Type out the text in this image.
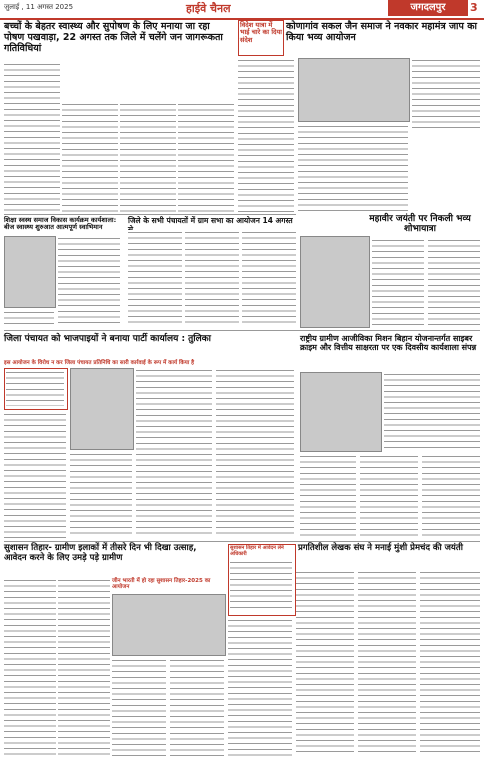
जुलाई , 11 अगस्त 2025	हाईवे चैनल	जगदलपुर	3
बच्चों के बेहतर स्वास्थ्य और सुपोषण के लिए मनाया जा रहा पोषण पखवाड़ा, 22 अगस्त तक जिले में चलेंगे जन जागरूकता गतिविधियां
विदेश यात्रा में भाई चारे का दिया संदेश
कोणागांव सकल जैन समाज ने नवकार महामंत्र जाप का किया भव्य आयोजन
महावीर जयंती पर निकली भव्य शोभायात्रा
शिक्षा स्वस्थ समाज विकास कार्यक्रम कार्यशाला: बीज स्वास्थ्य शुरुआत आत्मपूर्ण स्वाभिमान
जिले के सभी पंचायतों में ग्राम सभा का आयोजन 14 अगस्त
जिला पंचायत को भाजपाइयों ने बनाया पार्टी कार्यालय : तुलिका
इस आयोजन के विरोध न कर जिला पंचायत प्रतिनिधि का सारी कार्रवाई के रूप में कार्य किया है
राष्ट्रीय ग्रामीण आजीविका मिशन बिहान योजनान्तर्गत साइबर क्राइम और वित्तीय साक्षरता पर एक दिवसीय कार्यशाला संपन्न
सुशासन तिहार- ग्रामीण इलाकों में तीसरे दिन भी दिखा उत्साह, आवेदन करने के लिए उमड़े पड़े ग्रामीण
जीन भारती में हो रहा सुशासन तिहार-2025 का आयोजन
सुशासन तिहार में आवेदन लेने अधिकारी
प्रगतिशील लेखक संघ ने मनाई मुंशी प्रेमचंद की जयंती
